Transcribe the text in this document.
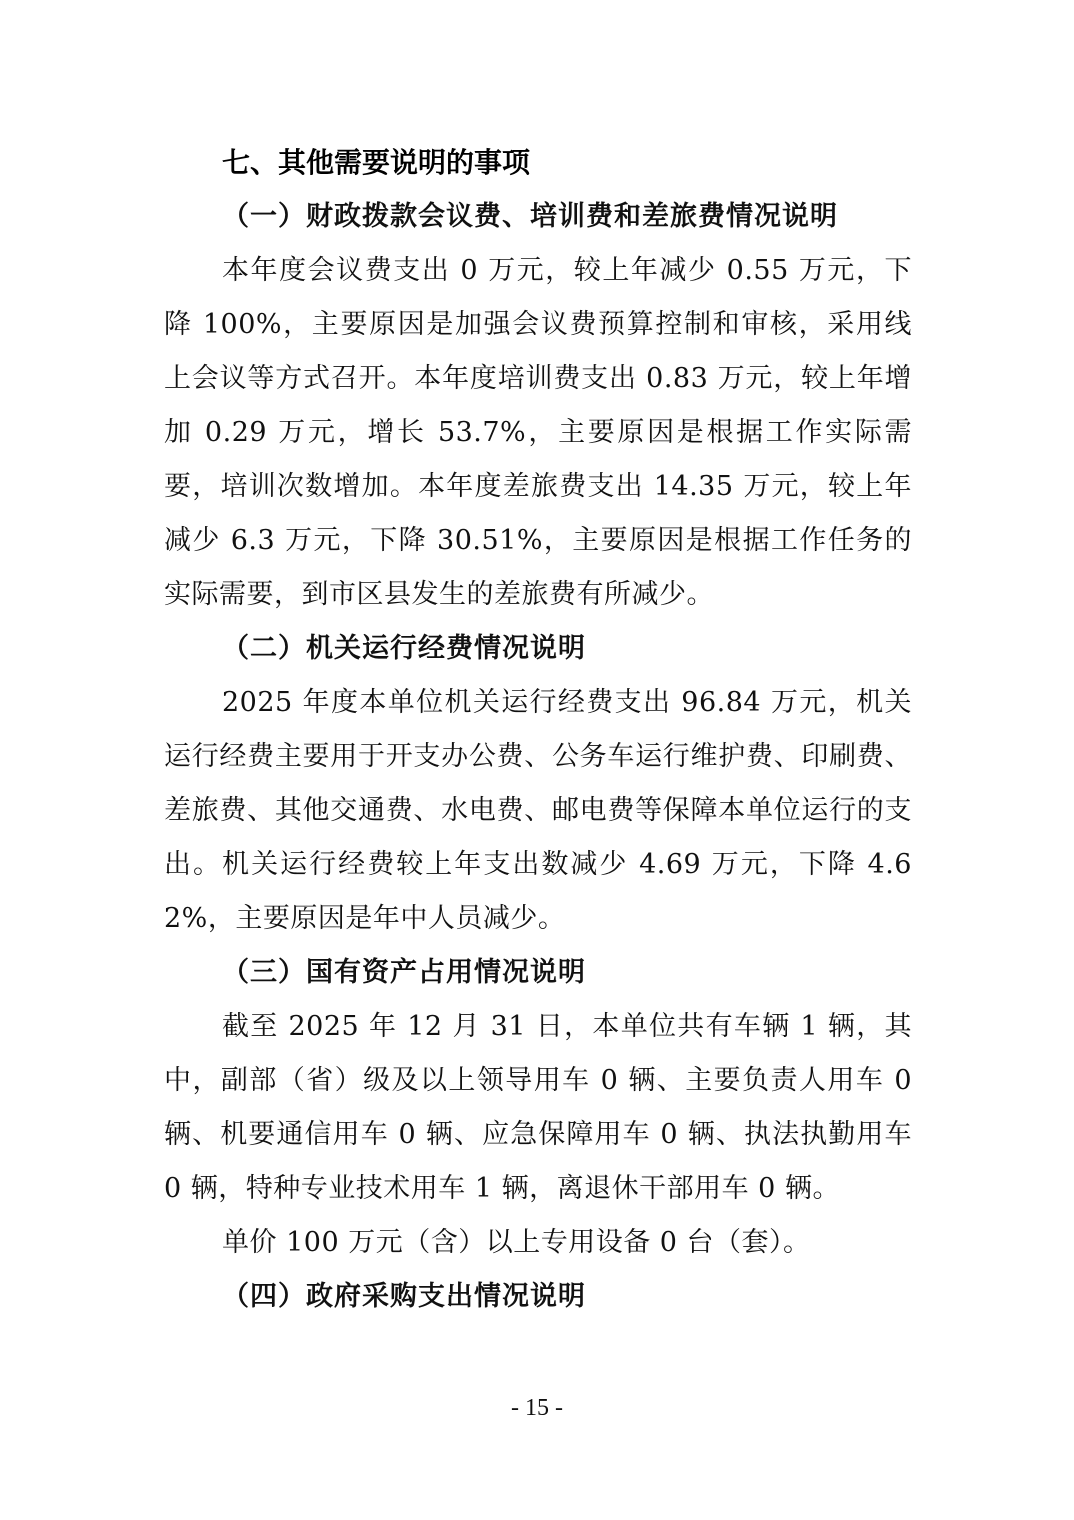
七、其他需要说明的事项
（一）财政拨款会议费、培训费和差旅费情况说明

本年度会议费支出 0 万元，较上年减少 0.55 万元，下降 100%，主要原因是加强会议费预算控制和审核，采用线上会议等方式召开。本年度培训费支出 0.83 万元，较上年增加 0.29 万元，增长 53.7%，主要原因是根据工作实际需要，培训次数增加。本年度差旅费支出 14.35 万元，较上年减少 6.3 万元，下降 30.51%，主要原因是根据工作任务的实际需要，到市区县发生的差旅费有所减少。

（二）机关运行经费情况说明

2025 年度本单位机关运行经费支出 96.84 万元，机关运行经费主要用于开支办公费、公务车运行维护费、印刷费、差旅费、其他交通费、水电费、邮电费等保障本单位运行的支出。机关运行经费较上年支出数减少 4.69 万元，下降 4.62%，主要原因是年中人员减少。

（三）国有资产占用情况说明

截至 2025 年 12 月 31 日，本单位共有车辆 1 辆，其中，副部（省）级及以上领导用车 0 辆、主要负责人用车 0 辆、机要通信用车 0 辆、应急保障用车 0 辆、执法执勤用车 0 辆，特种专业技术用车 1 辆，离退休干部用车 0 辆。

单价 100 万元（含）以上专用设备 0 台（套）。

（四）政府采购支出情况说明
- 15 -
